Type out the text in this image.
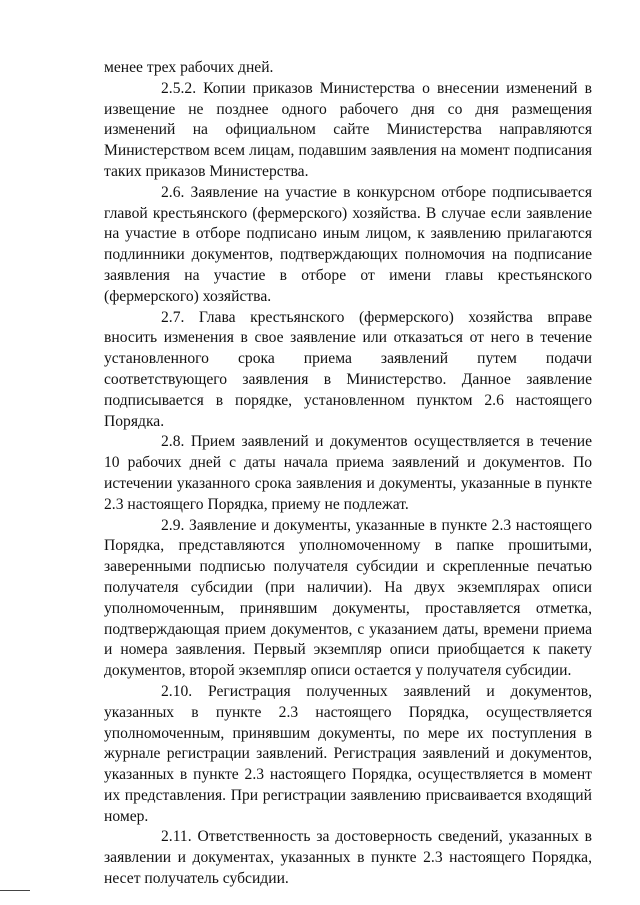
менее трех рабочих дней.

2.5.2. Копии приказов Министерства о внесении изменений в извещение не позднее одного рабочего дня со дня размещения изменений на официальном сайте Министерства направляются Министерством всем лицам, подавшим заявления на момент подписания таких приказов Министерства.

2.6. Заявление на участие в конкурсном отборе подписывается главой крестьянского (фермерского) хозяйства. В случае если заявление на участие в отборе подписано иным лицом, к заявлению прилагаются подлинники документов, подтверждающих полномочия на подписание заявления на участие в отборе от имени главы крестьянского (фермерского) хозяйства.

2.7. Глава крестьянского (фермерского) хозяйства вправе вносить изменения в свое заявление или отказаться от него в течение установленного срока приема заявлений путем подачи соответствующего заявления в Министерство. Данное заявление подписывается в порядке, установленном пунктом 2.6 настоящего Порядка.

2.8. Прием заявлений и документов осуществляется в течение 10 рабочих дней с даты начала приема заявлений и документов. По истечении указанного срока заявления и документы, указанные в пункте 2.3 настоящего Порядка, приему не подлежат.

2.9. Заявление и документы, указанные в пункте 2.3 настоящего Порядка, представляются уполномоченному в папке прошитыми, заверенными подписью получателя субсидии и скрепленные печатью получателя субсидии (при наличии). На двух экземплярах описи уполномоченным, принявшим документы, проставляется отметка, подтверждающая прием документов, с указанием даты, времени приема и номера заявления. Первый экземпляр описи приобщается к пакету документов, второй экземпляр описи остается у получателя субсидии.

2.10. Регистрация полученных заявлений и документов, указанных в пункте 2.3 настоящего Порядка, осуществляется уполномоченным, принявшим документы, по мере их поступления в журнале регистрации заявлений. Регистрация заявлений и документов, указанных в пункте 2.3 настоящего Порядка, осуществляется в момент их представления. При регистрации заявлению присваивается входящий номер.

2.11. Ответственность за достоверность сведений, указанных в заявлении и документах, указанных в пункте 2.3 настоящего Порядка, несет получатель субсидии.
